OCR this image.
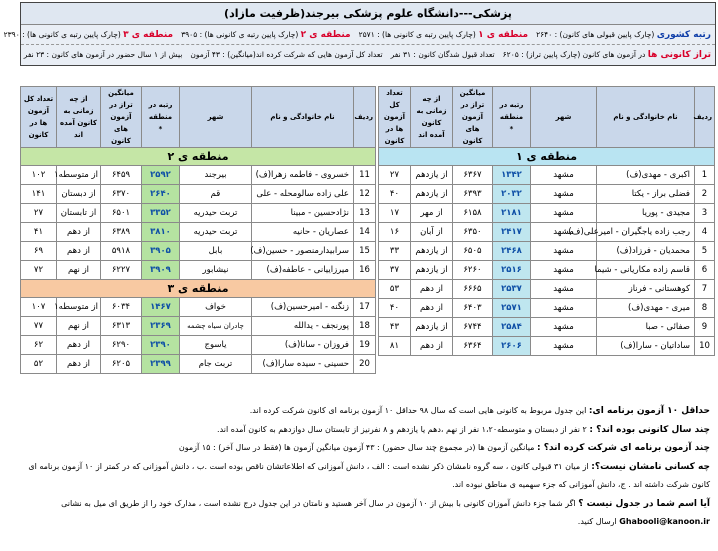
پزشکی---دانشگاه علوم پزشکی بیرجند(ظرفیت مازاد)
رتبه کشوری (چارک پایین قبولی های کانون) : ۲۶۴۰
منطقه ی ۱ (چارک پایین رتبه ی کانونی ها) : ۲۵۷۱
منطقه ی ۲ (چارک پایین رتبه ی کانونی ها) : ۳۹۰۵
منطقه ی ۳ (چارک پایین رتبه ی کانونی ها) : ۲۳۹۰
تراز کانونی ها در آزمون های کانون (چارک پایین تراز) : ۶۲۰۵
تعداد قبول شدگان کانون : ۳۱ نفر
تعداد کل آزمون هایی که شرکت کرده اند(میانگین) : ۴۳ آزمون
بیش از ۱ سال حضور در آزمون های کانون : ۲۳ نفر
ردیف	نام خانوادگی و نام	شهر	رتبه در منطقه
*	میانگین تراز در آزمون های کانون	از چه زمانی به کانون آمده اند	تعداد کل آزمون ها در کانون
منطقه ی ۱						
1	اکبری - مهدی(ف)	مشهد	۱۳۴۲	۶۳۶۷	از یازدهم	۲۷
2	فضلی براز - یکتا	مشهد	۲۰۳۲	۶۳۹۳	از یازدهم	۴۰
3	مجیدی - پوریا	مشهد	۲۱۸۱	۶۱۵۸	از مهر	۱۷
4	رجب زاده یاجگیران - امیرعلی(ف)	مشهد	۲۴۱۷	۶۳۵۰	از آبان	۱۶
5	محمدیان - فرزاد(ف)	مشهد	۲۴۶۸	۶۵۰۵	از یازدهم	۳۳
6	قاسم زاده مکاریانی - شیما	مشهد	۲۵۱۶	۶۲۶۰	از یازدهم	۳۷
7	کوهستانی - فرناز	مشهد	۲۵۳۷	۶۶۶۵	از دهم	۵۳
8	میری - مهدی(ف)	مشهد	۲۵۷۱	۶۴۰۳	از دهم	۴۰
9	صفائی - صبا	مشهد	۲۵۸۴	۶۷۴۴	از یازدهم	۴۳
10	ساداتیان - سارا(ف)	مشهد	۲۶۰۶	۶۳۶۴	از دهم	۸۱
ردیف	نام خانوادگی و نام	شهر	رتبه در منطقه
*	میانگین تراز در آزمون های کانون	از چه زمانی به کانون آمده اند	تعداد کل آزمون ها در کانون
منطقه ی ۲						
11	خسروی - فاطمه زهرا(ف)	بیرجند	۲۵۹۲	۶۴۵۹	از متوسطه۱	۱۰۲
12	علی زاده سالومحله - علی	قم	۲۶۴۰	۶۳۷۰	از دبستان	۱۴۱
13	نژادحسین - مبینا	تربت حیدریه	۳۳۵۲	۶۵۰۱	از تابستان	۲۷
14	عصاریان - حانیه	تربت حیدریه	۳۸۱۰	۶۳۸۹	از دهم	۴۱
15	سرابیدارمنصور - حسین(ف)	بابل	۳۹۰۵	۵۹۱۸	از دهم	۶۹
16	میرزاییانی - عاطفه(ف)	نیشابور	۳۹۰۹	۶۲۲۷	از نهم	۷۲
منطقه ی ۳						
17	زنگنه - امیرحسین(ف)	خواف	۱۴۶۷	۶۰۳۴	از متوسطه۱	۱۰۷
18	پورنجف - یدالله	چادران سیاه چشمه	۲۳۶۹	۶۳۱۳	از نهم	۷۷
19	فروزان - سانا(ف)	یاسوج	۲۳۹۰	۶۲۹۰	از دهم	۶۲
20	حسینی - سیده سارا(ف)	تربت جام	۲۳۹۹	۶۲۰۵	از دهم	۵۲

حداقل ۱۰ آزمون برنامه ای: این جدول مربوط به کانونی هایی است که سال ۹۸ حداقل ۱۰ آزمون برنامه ای کانون شرکت کرده اند.

چند سال کانونی بوده اند؟ : ۲ نفر از دبستان و متوسطه۱،۲۰ نفر از نهم ،دهم یا یازدهم و ۸ نفرنیز از تابستان سال دوازدهم به کانون آمده اند.

چند آزمون برنامه ای شرکت کرده اند؟ : میانگین آزمون ها (در مجموع چند سال حضور) : ۴۳ آزمون میانگین آزمون ها (فقط در سال آخر) : ۱۵ آزمون

چه کسانی نامشان نیست؟: از میان ۳۱ قبولی کانون ، سه گروه نامشان ذکر نشده است : الف ، دانش آموزانی که اطلاعاتشان ناقص بوده است .ب ، دانش آموزانی که در کمتر از ۱۰ آزمون برنامه ای

کانون شرکت داشته اند . ج، دانش آموزانی که جزء سهمیه ی مناطق نبوده اند.

آیا اسم شما در جدول نیست ؟ اگر شما جزء دانش آموزان کانونی با بیش از ۱۰ آزمون در سال آخر هستید و نامتان در این جدول درج نشده است ، مدارک خود را از طریق ای میل به نشانی

Ghabooli@kanoon.ir ارسال کنید.
